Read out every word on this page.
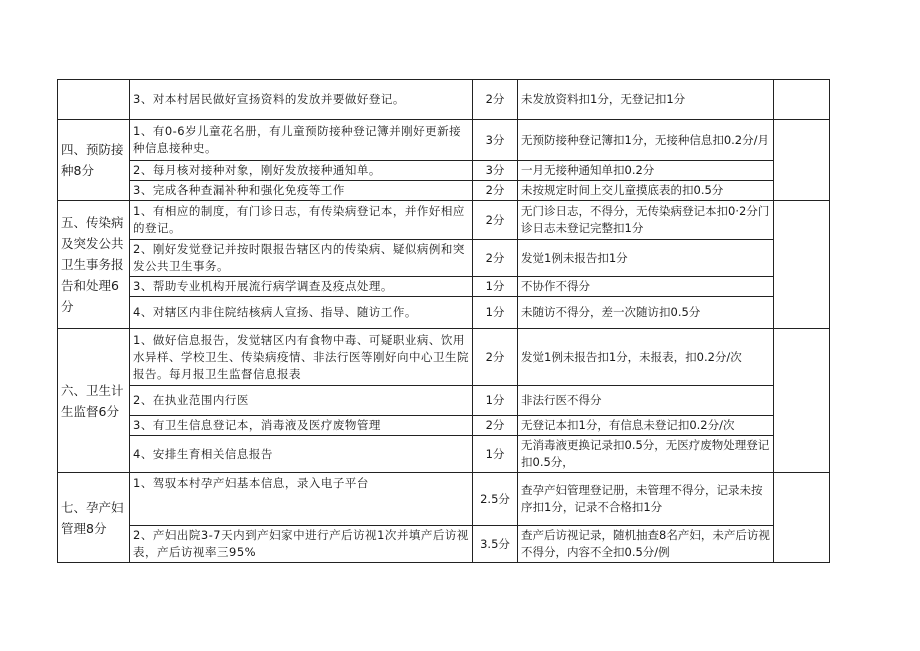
	3、对本村居民做好宣扬资料的发放并要做好登记。	2分	未发放资料扣1分，无登记扣1分	
四、预防接种8分	1、有0-6岁儿童花名册，有儿童预防接种登记簿并刚好更新接种信息接种史。	3分	无预防接种登记簿扣1分，无接种信息扣0.2分/月	
	2、每月核对接种对象，刚好发放接种通知单。	3分	一月无接种通知单扣0.2分	
	3、完成各种查漏补种和强化免疫等工作	2分	未按规定时间上交儿童摸底表的扣0.5分	
五、传染病及突发公共卫生事务报告和处理6分	1、有相应的制度，有门诊日志，有传染病登记本，并作好相应的登记。	2分	无门诊日志，不得分，无传染病登记本扣0·2分门诊日志未登记完整扣1分	
	2、刚好发觉登记并按时限报告辖区内的传染病、疑似病例和突发公共卫生事务。	2分	发觉1例未报告扣1分	
	3、帮助专业机构开展流行病学调查及疫点处理。	1分	不协作不得分	
	4、对辖区内非住院结核病人宣扬、指导、随访工作。	1分	未随访不得分，差一次随访扣0.5分	
六、卫生计生监督6分	1、做好信息报告，发觉辖区内有食物中毒、可疑职业病、饮用水异样、学校卫生、传染病疫情、非法行医等刚好向中心卫生院报告。每月报卫生监督信息报表	2分	发觉1例未报告扣1分，未报表，扣0.2分/次	
	2、在执业范围内行医	1分	非法行医不得分	
	3、有卫生信息登记本，消毒液及医疗废物管理	2分	无登记本扣1分，有信息未登记扣0.2分/次	
	4、安排生育相关信息报告	1分	无消毒液更换记录扣0.5分，无医疗废物处理登记扣0.5分，	
七、孕产妇管理8分	1、驾驭本村孕产妇基本信息，录入电子平台	2.5分	查孕产妇管理登记册，未管理不得分，记录未按序扣1分，记录不合格扣1分	
	2、产妇出院3-7天内到产妇家中进行产后访视1次并填产后访视表，产后访视率三95%	3.5分	查产后访视记录，随机抽查8名产妇，未产后访视不得分，内容不全扣0.5分/例	
